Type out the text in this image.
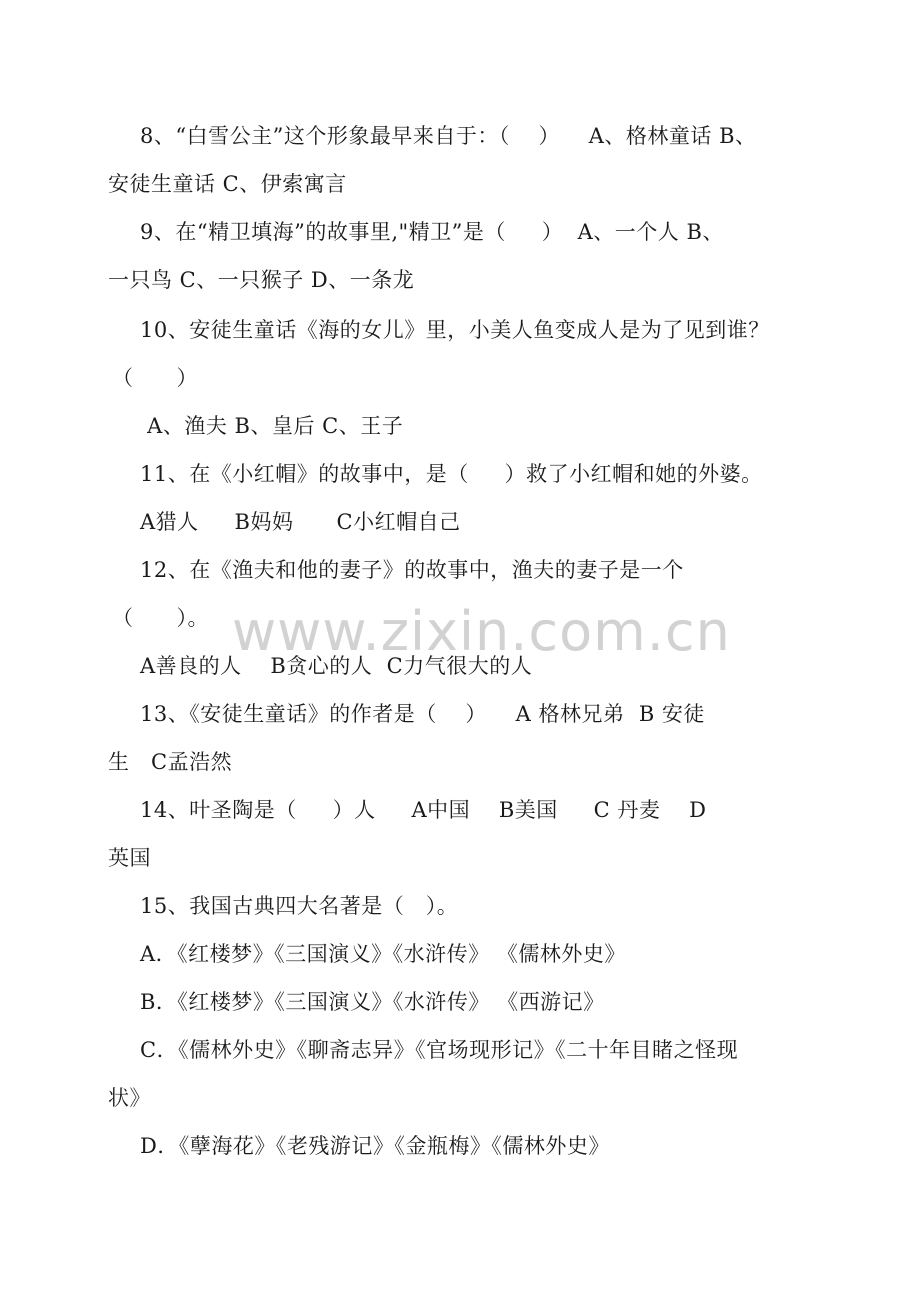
8、“白雪公主”这个形象最早来自于：（    ）    A、格林童话 B、
安徒生童话 C、伊索寓言
9、在“精卫填海”的故事里,"精卫”是（     ）  A、一个人 B、
一只鸟 C、一只猴子 D、一条龙
10、安徒生童话《海的女儿》里，小美人鱼变成人是为了见到谁？
（      ）
A、渔夫 B、皇后 C、王子
11、在《小红帽》的故事中，是（     ）救了小红帽和她的外婆。
A猎人     B妈妈      C小红帽自己
12、在《渔夫和他的妻子》的故事中，渔夫的妻子是一个
（      ）。
A善良的人    B贪心的人  C力气很大的人
13、《安徒生童话》的作者是（    ）    A 格林兄弟  B 安徒
生   C孟浩然
14、叶圣陶是（     ）人     A中国    B美国     C 丹麦    D
英国
15、我国古典四大名著是（   ）。
A．《红楼梦》《三国演义》《水浒传》 《儒林外史》
B．《红楼梦》《三国演义》《水浒传》 《西游记》
C．《儒林外史》《聊斋志异》《官场现形记》《二十年目睹之怪现
状》
D．《孽海花》《老残游记》《金瓶梅》《儒林外史》
www.zixin.com.cn
